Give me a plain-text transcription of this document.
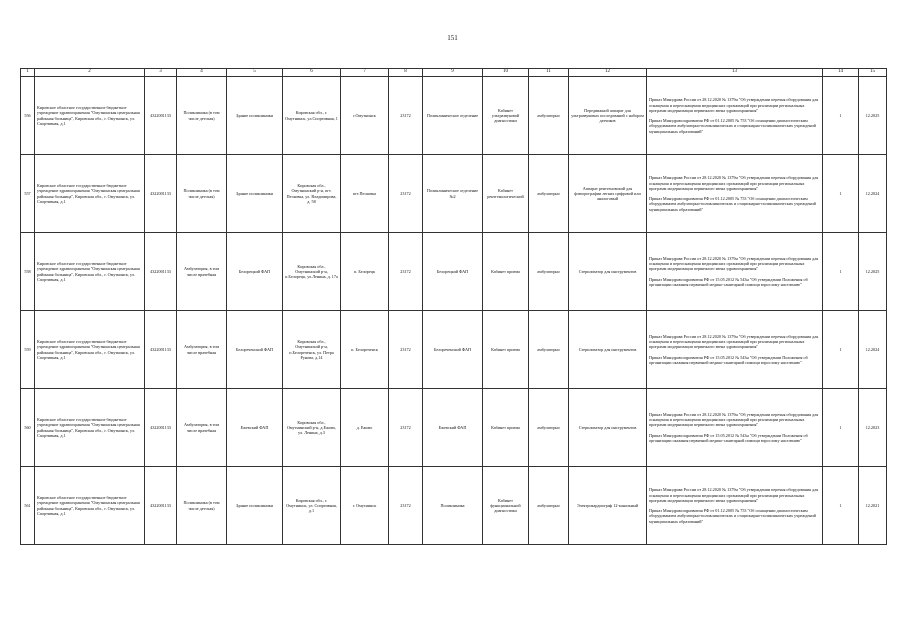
151
1	2	3	4	5	6	7	8	9	10	11	12	13	14	15
556	Кировское областное государственное бюджетное учреждение здравоохранения "Омутнинская центральная районная больница", Кировская обл., г. Омутнинск, ул. Спортивная, д.1	4322001133	Поликлиника (в том числе детская)	Здание поликлиники	Кировская обл., г. Омутнинск, ул.Спортивная, 1	г.Омутнинск	23172	Поликлиническое отделение	Кабинет ультразвуковой диагностики	амбулаторно	Передвижной аппарат для ультразвуковых исследований с набором датчиков	Приказ Минздрава России от 28.12.2020 № 1379н "Об утверждении перечня оборудования для оснащения и переоснащения медицинских организаций при реализации региональных программ модернизации первичного звена здравоохранения"
Приказ Минздравсоцразвития РФ от 01.12.2005 № 753 "Об оснащении диагностическим оборудованием амбулаторно-поликлинических и стационарно-поликлинических учреждений муниципальных образований"	1	12.2025
557	Кировское областное государственное бюджетное учреждение здравоохранения "Омутнинская центральная районная больница", Кировская обл., г. Омутнинск, ул. Спортивная, д.1	4322001133	Поликлиника (в том числе детская)	Здание поликлиники	Кировская обл., Омутнинский р-н, пгт. Песковка, ул. Владимирова, д. 58	пгт.Песковка	23172	Поликлиническое отделение №2	Кабинет рентгенологический	амбулаторно	Аппарат рентгеновский для флюорографии легких цифровой или аналоговый	Приказ Минздрава России от 28.12.2020 № 1379н "Об утверждении перечня оборудования для оснащения и переоснащения медицинских организаций при реализации региональных программ модернизации первичного звена здравоохранения"
Приказ Минздравсоцразвития РФ от 01.12.2005 № 753 "Об оснащении диагностическим оборудованием амбулаторно-поликлинических и стационарно-поликлинических учреждений муниципальных образований"	1	12.2024
558	Кировское областное государственное бюджетное учреждение здравоохранения "Омутнинская центральная районная больница", Кировская обл., г. Омутнинск, ул. Спортивная, д.1	4322001133	Амбулатория, в том числе врачебная	Белорецкий ФАП	Кировская обл., Омутнинский р-н, п.Белорецк, ул.Ленина, д. 17а	п. Белорецк	23172	Белорецкий ФАП	Кабинет приема	амбулаторно	Стерилизатор для инструментов	Приказ Минздрава России от 28.12.2020 № 1379н "Об утверждении перечня оборудования для оснащения и переоснащения медицинских организаций при реализации региональных программ модернизации первичного звена здравоохранения"
Приказ Минздравсоцразвития РФ от 15.05.2012 № 543н "Об утверждении Положения об организации оказания первичной медико-санитарной помощи взрослому населению"	1	12.2025
559	Кировское областное государственное бюджетное учреждение здравоохранения "Омутнинская центральная районная больница", Кировская обл., г. Омутнинск, ул. Спортивная, д.1	4322001133	Амбулатория, в том числе врачебная	Белореченский ФАП	Кировская обл., Омутнинский р-н, п.Белореченск, ул. Петра Рунова, д.14	п. Белореченск	23172	Белореченский ФАП	Кабинет приема	амбулаторно	Стерилизатор для инструментов	Приказ Минздрава России от 28.12.2020 № 1379н "Об утверждении перечня оборудования для оснащения и переоснащения медицинских организаций при реализации региональных программ модернизации первичного звена здравоохранения"
Приказ Минздравсоцразвития РФ от 15.05.2012 № 543н "Об утверждении Положения об организации оказания первичной медико-санитарной помощи взрослому населению"	1	12.2024
560	Кировское областное государственное бюджетное учреждение здравоохранения "Омутнинская центральная районная больница", Кировская обл., г. Омутнинск, ул. Спортивная, д.1	4322001133	Амбулатория, в том числе врачебная	Ежевский ФАП	Кировская обл., Омутнинский р-н, д.Ежово, ул. Ленина, д.3	д. Ежово	23172	Ежевский ФАП	Кабинет приема	амбулаторно	Стерилизатор для инструментов	Приказ Минздрава России от 28.12.2020 № 1379н "Об утверждении перечня оборудования для оснащения и переоснащения медицинских организаций при реализации региональных программ модернизации первичного звена здравоохранения"
Приказ Минздравсоцразвития РФ от 15.05.2012 № 543н "Об утверждении Положения об организации оказания первичной медико-санитарной помощи взрослому населению"	1	12.2023
561	Кировское областное государственное бюджетное учреждение здравоохранения "Омутнинская центральная районная больница", Кировская обл., г. Омутнинск, ул. Спортивная, д.1	4322001133	Поликлиника (в том числе детская)	Здание поликлиники	Кировская обл., г. Омутнинск, ул. Спортивная, д.1	г. Омутнинск	23172	Поликлиника	Кабинет функциональной диагностики	амбулаторно	Электрокардиограф 12-канальный	Приказ Минздрава России от 28.12.2020 № 1379н "Об утверждении перечня оборудования для оснащения и переоснащения медицинских организаций при реализации региональных программ модернизации первичного звена здравоохранения"
Приказ Минздравсоцразвития РФ от 01.12.2005 № 753 "Об оснащении диагностическим оборудованием амбулаторно-поликлинических и стационарно-поликлинических учреждений муниципальных образований"	1	12.2021
